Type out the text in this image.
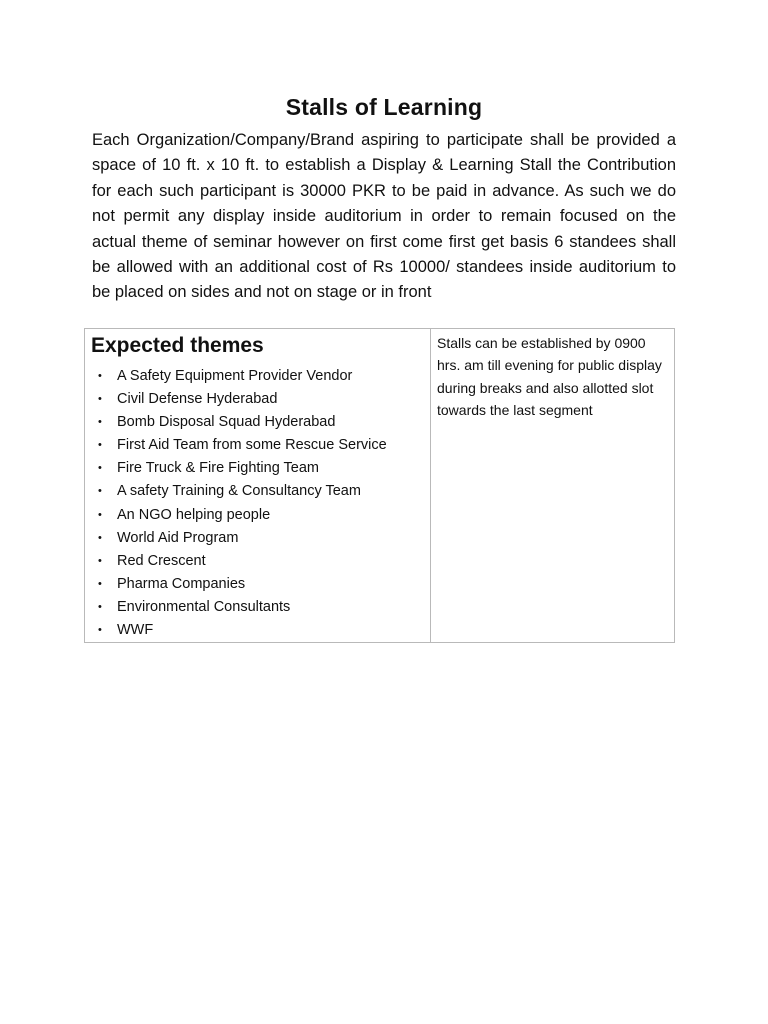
Stalls of Learning

Each Organization/Company/Brand aspiring to participate shall be provided a space of 10 ft. x 10 ft. to establish a Display & Learning Stall the Contribution for each such participant is 30000 PKR to be paid in advance. As such we do not permit any display inside auditorium in order to remain focused on the actual theme of seminar however on first come first get basis 6 standees shall be allowed with an additional cost of Rs 10000/ standees inside auditorium to be placed on sides and not on stage or in front

Expected themes
• A Safety Equipment Provider Vendor
• Civil Defense Hyderabad
• Bomb Disposal Squad Hyderabad
• First Aid Team from some Rescue Service
• Fire Truck & Fire Fighting Team
• A safety Training & Consultancy Team
• An NGO helping people
• World Aid Program
• Red Crescent
• Pharma Companies
• Environmental Consultants
• WWF

Stalls can be established by 0900 hrs. am till evening for public display during breaks and also allotted slot towards the last segment
